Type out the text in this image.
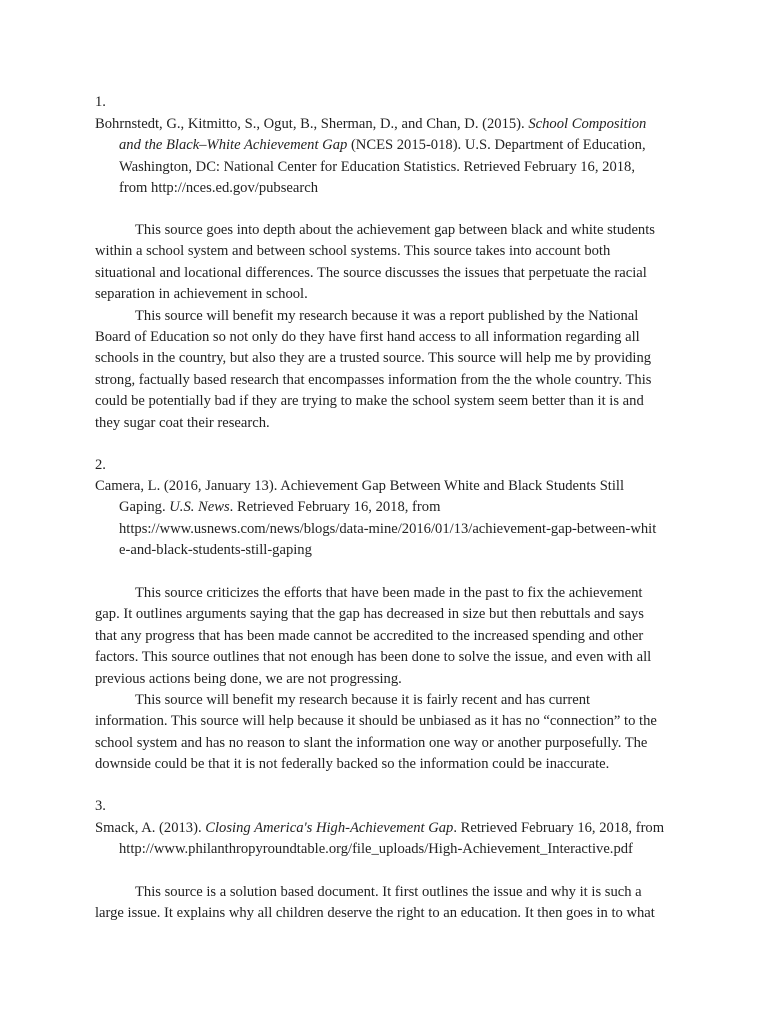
1.
Bohrnstedt, G., Kitmitto, S., Ogut, B., Sherman, D., and Chan, D. (2015). School Composition
and the Black–White Achievement Gap (NCES 2015-018). U.S. Department of Education,
Washington, DC: National Center for Education Statistics. Retrieved February 16, 2018,
from http://nces.ed.gov/pubsearch
This source goes into depth about the achievement gap between black and white students
within a school system and between school systems. This source takes into account both
situational and locational differences. The source discusses the issues that perpetuate the racial
separation in achievement in school.
This source will benefit my research because it was a report published by the National
Board of Education so not only do they have first hand access to all information regarding all
schools in the country, but also they are a trusted source. This source will help me by providing
strong, factually based research that encompasses information from the the whole country. This
could be potentially bad if they are trying to make the school system seem better than it is and
they sugar coat their research.
2.
Camera, L. (2016, January 13). Achievement Gap Between White and Black Students Still
Gaping. U.S. News. Retrieved February 16, 2018, from
https://www.usnews.com/news/blogs/data-mine/2016/01/13/achievement-gap-between-whit
e-and-black-students-still-gaping
This source criticizes the efforts that have been made in the past to fix the achievement
gap. It outlines arguments saying that the gap has decreased in size but then rebuttals and says
that any progress that has been made cannot be accredited to the increased spending and other
factors. This source outlines that not enough has been done to solve the issue, and even with all
previous actions being done, we are not progressing.
This source will benefit my research because it is fairly recent and has current
information. This source will help because it should be unbiased as it has no “connection” to the
school system and has no reason to slant the information one way or another purposefully. The
downside could be that it is not federally backed so the information could be inaccurate.
3.
Smack, A. (2013). Closing America's High-Achievement Gap. Retrieved February 16, 2018, from
http://www.philanthropyroundtable.org/file_uploads/High-Achievement_Interactive.pdf
This source is a solution based document. It first outlines the issue and why it is such a
large issue. It explains why all children deserve the right to an education. It then goes in to what
